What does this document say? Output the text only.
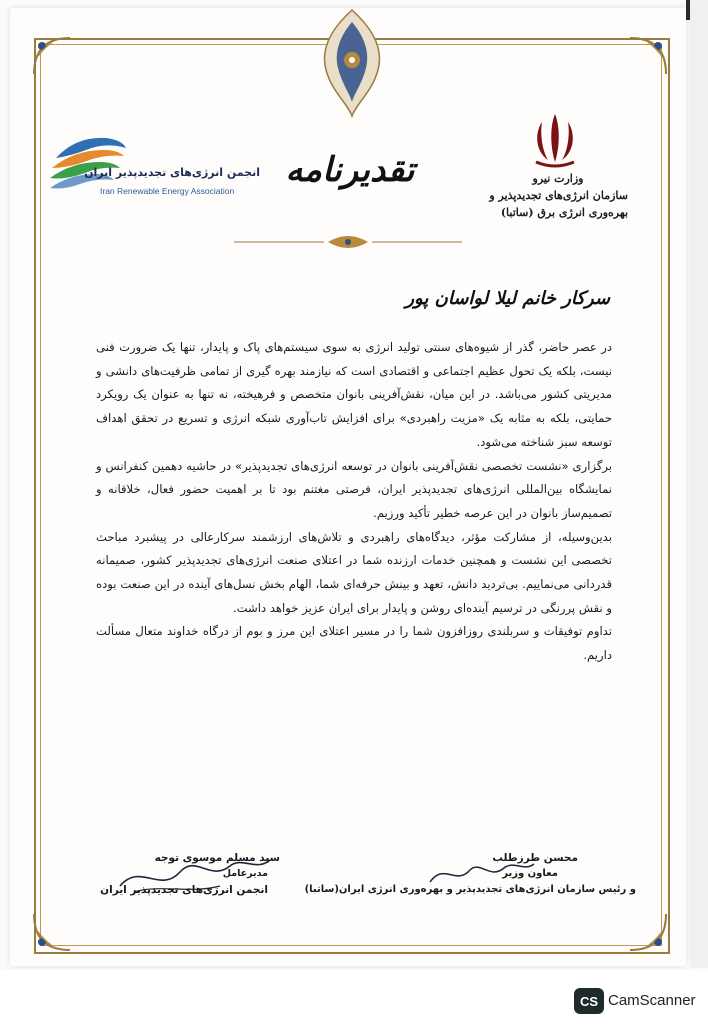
وزارت نیرو
سازمان انرژی‌های تجدیدپذیر و
بهره‌وری انرژی برق (ساتبا)
انجمن انرژی‌های تجدیدپذیر ایران
Iran Renewable Energy Association
تقدیرنامه
سرکار خانم لیلا لواسان پور

در عصر حاضر، گذر از شیوه‌های سنتی تولید انرژی به سوی سیستم‌های پاک و پایدار، تنها یک ضرورت فنی نیست، بلکه یک تحول عظیم اجتماعی و اقتصادی است که نیازمند بهره گیری از تمامی ظرفیت‌های دانشی و مدیریتی کشور می‌باشد. در این میان، نقش‌آفرینی بانوان متخصص و فرهیخته، نه تنها به عنوان یک رویکرد حمایتی، بلکه به مثابه یک «مزیت راهبردی» برای افزایش تاب‌آوری شبکه انرژی و تسریع در تحقق اهداف توسعه سبز شناخته می‌شود.

برگزاری «نشست تخصصی نقش‌آفرینی بانوان در توسعه انرژی‌های تجدیدپذیر» در حاشیه دهمین کنفرانس و نمایشگاه بین‌المللی انرژی‌های تجدیدپذیر ایران، فرصتی مغتنم بود تا بر اهمیت حضور فعال، خلاقانه و تصمیم‌ساز بانوان در این عرصه خطیر تأکید ورزیم.

بدین‌وسیله، از مشارکت مؤثر، دیدگاه‌های راهبردی و تلاش‌های ارزشمند سرکارعالی در پیشبرد مباحث تخصصی این نشست و همچنین خدمات ارزنده شما در اعتلای صنعت انرژی‌های تجدیدپذیر کشور، صمیمانه قدردانی می‌نماییم. بی‌تردید دانش، تعهد و بینش حرفه‌ای شما، الهام بخش نسل‌های آینده در این صنعت بوده و نقش پررنگی در ترسیم آینده‌ای روشن و پایدار برای ایران عزیز خواهد داشت.

تداوم توفیقات و سربلندی روزافزون شما را در مسیر اعتلای این مرز و بوم از درگاه خداوند متعال مسألت داریم.

سید مسلم موسوی توجه
مدیرعامل
انجمن انرژی‌های تجدیدپذیر ایران
محسن طرزطلب
معاون وزیر
و رئیس سازمان انرژی‌های تجدیدپذیر و بهره‌وری انرژی ایران(ساتبا)
CS CamScanner
